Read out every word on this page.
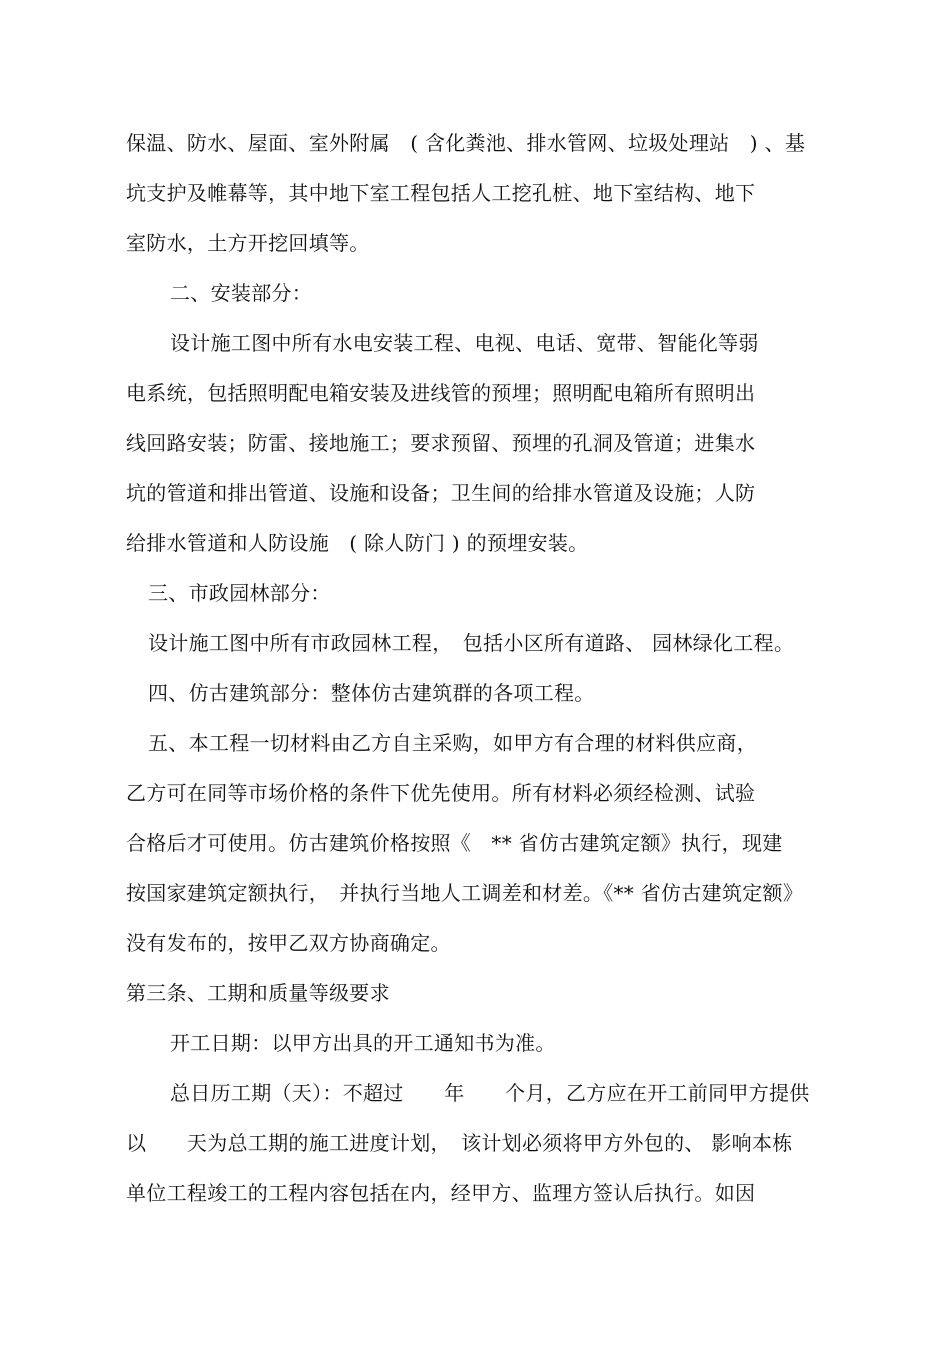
保温、防水、屋面、室外附属　( 含化粪池、排水管网、垃圾处理站　) 、基
坑支护及帷幕等，其中地下室工程包括人工挖孔桩、地下室结构、地下
室防水，土方开挖回填等。
二、安装部分：
设计施工图中所有水电安装工程、电视、电话、宽带、智能化等弱
电系统，包括照明配电箱安装及进线管的预埋；照明配电箱所有照明出
线回路安装；防雷、接地施工；要求预留、预埋的孔洞及管道；进集水
坑的管道和排出管道、设施和设备；卫生间的给排水管道及设施；人防
给排水管道和人防设施　( 除人防门 ) 的预埋安装。
三、市政园林部分：
设计施工图中所有市政园林工程，　包括小区所有道路、 园林绿化工程。
四、仿古建筑部分：整体仿古建筑群的各项工程。
五、本工程一切材料由乙方自主采购，如甲方有合理的材料供应商，
乙方可在同等市场价格的条件下优先使用。所有材料必须经检测、试验
合格后才可使用。仿古建筑价格按照《　** 省仿古建筑定额》执行，现建
按国家建筑定额执行，　并执行当地人工调差和材差。《** 省仿古建筑定额》
没有发布的，按甲乙双方协商确定。
第三条、工期和质量等级要求
开工日期：以甲方出具的开工通知书为准。
总日历工期（天）：不超过　　年　　个月，乙方应在开工前同甲方提供
以　　天为总工期的施工进度计划，　该计划必须将甲方外包的、 影响本栋
单位工程竣工的工程内容包括在内，经甲方、监理方签认后执行。如因
